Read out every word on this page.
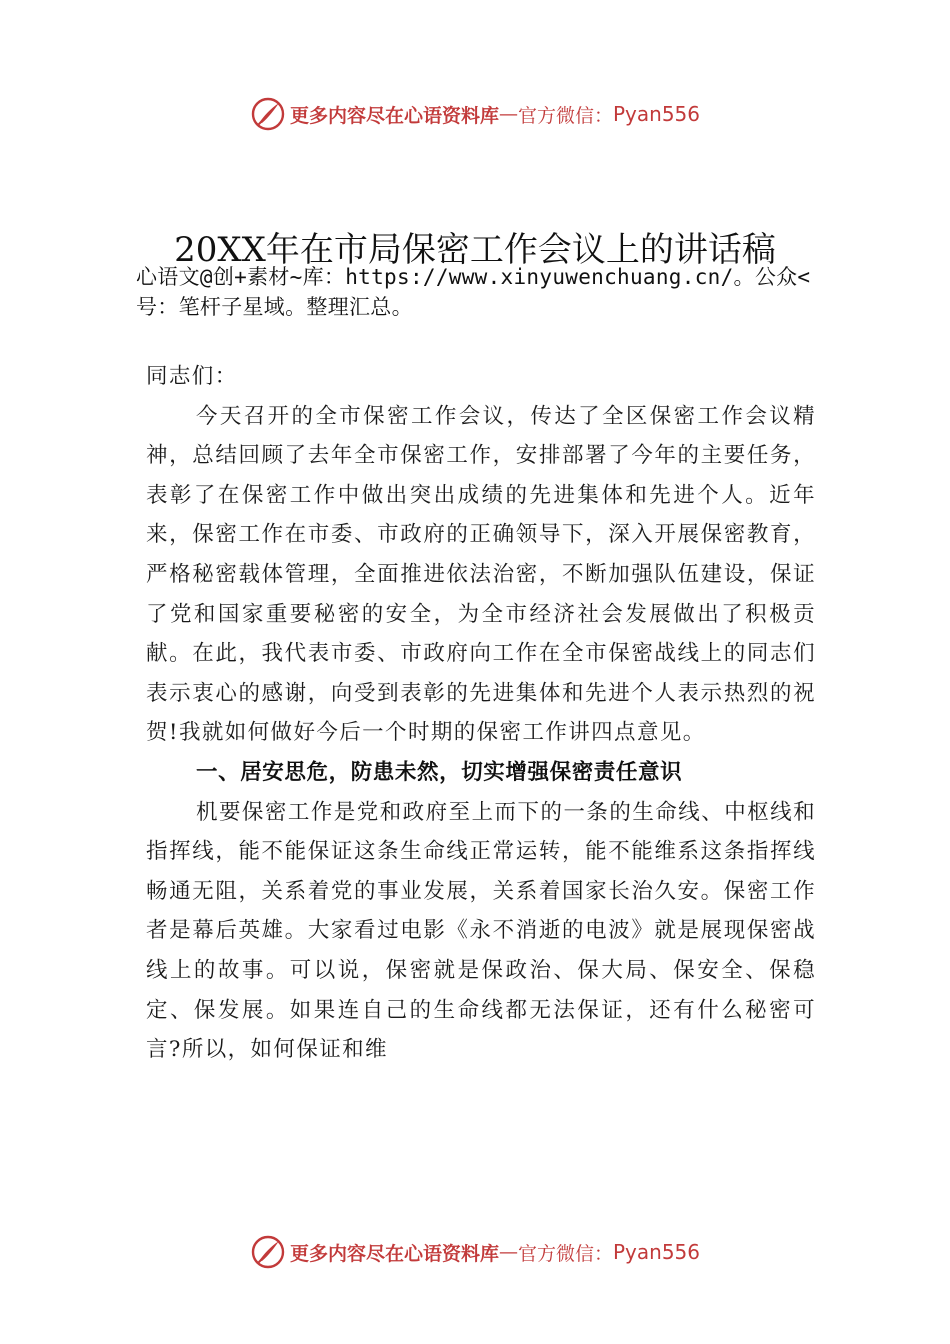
更多内容尽在心语资料库 — 官方微信： Pyan556
20XX年在市局保密工作会议上的讲话稿
心语文@创+素材~库：https://www.xinyuwenchuang.cn/。公众<号：笔杆子星域。整理汇总。

同志们：

今天召开的全市保密工作会议，传达了全区保密工作会议精神，总结回顾了去年全市保密工作，安排部署了今年的主要任务，表彰了在保密工作中做出突出成绩的先进集体和先进个人。近年来，保密工作在市委、市政府的正确领导下，深入开展保密教育，严格秘密载体管理，全面推进依法治密，不断加强队伍建设，保证了党和国家重要秘密的安全，为全市经济社会发展做出了积极贡献。在此，我代表市委、市政府向工作在全市保密战线上的同志们表示衷心的感谢，向受到表彰的先进集体和先进个人表示热烈的祝贺!我就如何做好今后一个时期的保密工作讲四点意见。

一、居安思危，防患未然，切实增强保密责任意识

机要保密工作是党和政府至上而下的一条的生命线、中枢线和指挥线，能不能保证这条生命线正常运转，能不能维系这条指挥线畅通无阻，关系着党的事业发展，关系着国家长治久安。保密工作者是幕后英雄。大家看过电影《永不消逝的电波》就是展现保密战线上的故事。可以说，保密就是保政治、保大局、保安全、保稳定、保发展。如果连自己的生命线都无法保证，还有什么秘密可言?所以，如何保证和维

更多内容尽在心语资料库 — 官方微信： Pyan556
